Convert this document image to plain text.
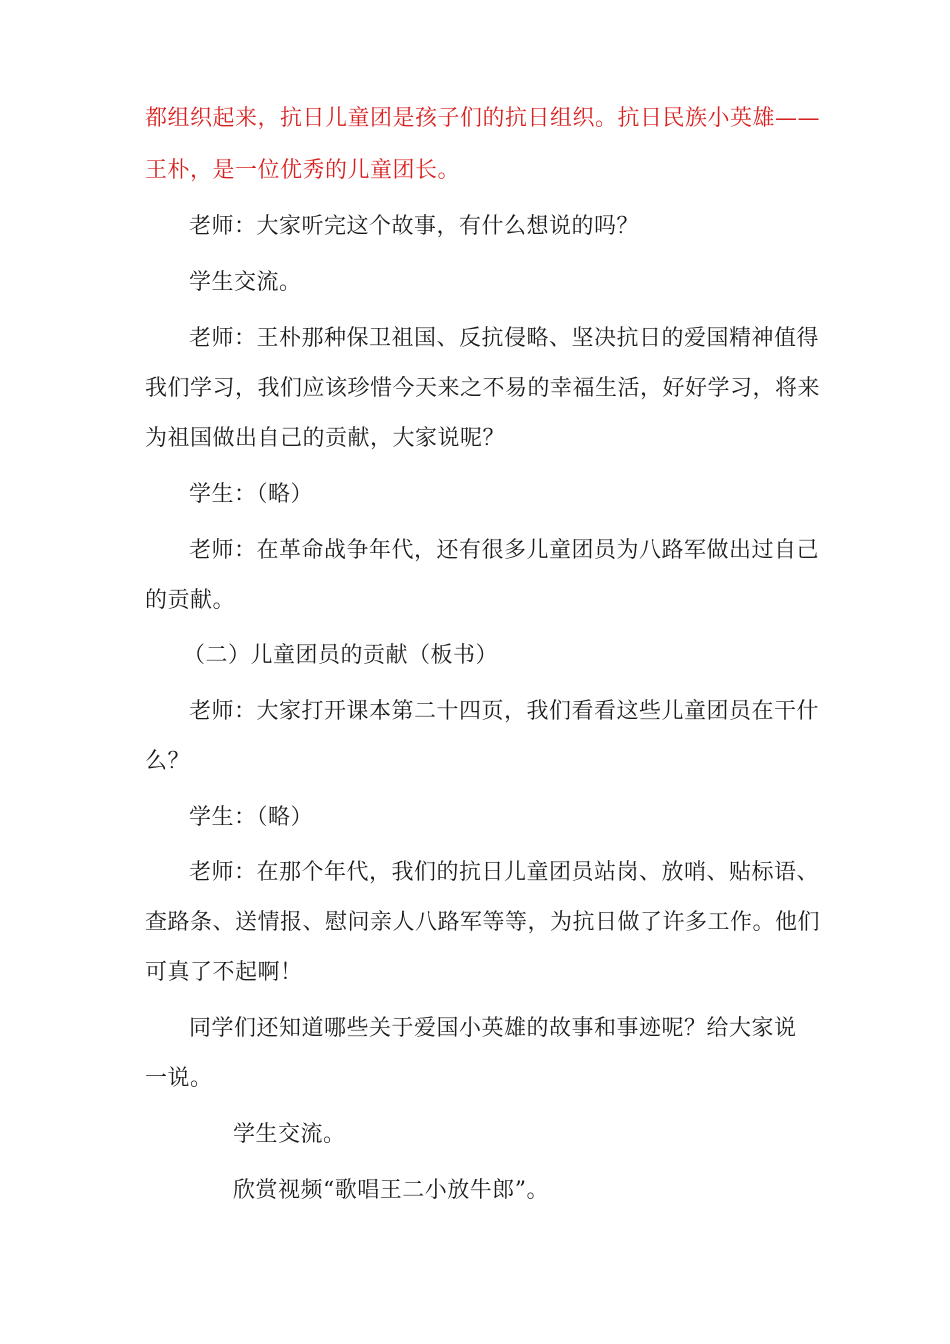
都组织起来，抗日儿童团是孩子们的抗日组织。抗日民族小英雄——
王朴，是一位优秀的儿童团长。
老师：大家听完这个故事，有什么想说的吗？
学生交流。
老师：王朴那种保卫祖国、反抗侵略、坚决抗日的爱国精神值得
我们学习，我们应该珍惜今天来之不易的幸福生活，好好学习，将来
为祖国做出自己的贡献，大家说呢？
学生：（略）
老师：在革命战争年代，还有很多儿童团员为八路军做出过自己
的贡献。
（二）儿童团员的贡献（板书）
老师：大家打开课本第二十四页，我们看看这些儿童团员在干什
么？
学生：（略）
老师：在那个年代，我们的抗日儿童团员站岗、放哨、贴标语、
查路条、送情报、慰问亲人八路军等等，为抗日做了许多工作。他们
可真了不起啊！
同学们还知道哪些关于爱国小英雄的故事和事迹呢？给大家说
一说。
学生交流。
欣赏视频“歌唱王二小放牛郎”。
